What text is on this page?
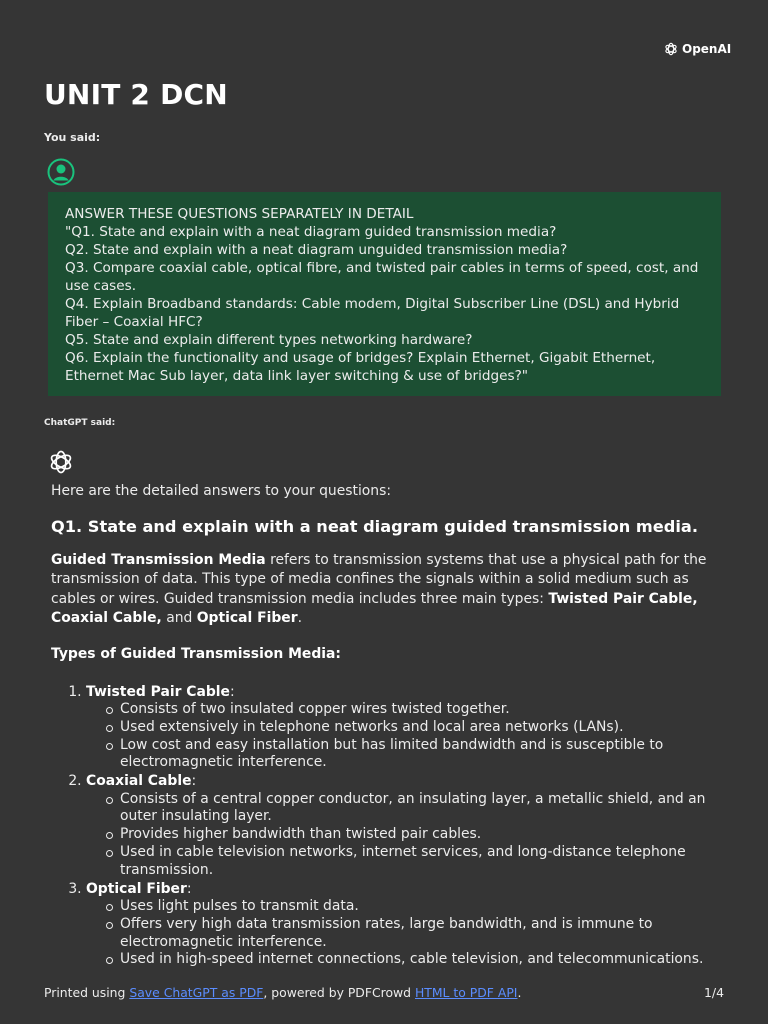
OpenAI
UNIT 2 DCN
You said:
ANSWER THESE QUESTIONS SEPARATELY IN DETAIL
"Q1. State and explain with a neat diagram guided transmission media?
Q2. State and explain with a neat diagram unguided transmission media?
Q3. Compare coaxial cable, optical fibre, and twisted pair cables in terms of speed, cost, and
use cases.
Q4. Explain Broadband standards: Cable modem, Digital Subscriber Line (DSL) and Hybrid
Fiber – Coaxial HFC?
Q5. State and explain different types networking hardware?
Q6. Explain the functionality and usage of bridges? Explain Ethernet, Gigabit Ethernet,
Ethernet Mac Sub layer, data link layer switching & use of bridges?"
ChatGPT said:

Here are the detailed answers to your questions:

Q1. State and explain with a neat diagram guided transmission media.

Guided Transmission Media refers to transmission systems that use a physical path for the transmission of data. This type of media confines the signals within a solid medium such as cables or wires. Guided transmission media includes three main types: Twisted Pair Cable, Coaxial Cable, and Optical Fiber.

Types of Guided Transmission Media:

1. Twisted Pair Cable:
Consists of two insulated copper wires twisted together.
Used extensively in telephone networks and local area networks (LANs).
Low cost and easy installation but has limited bandwidth and is susceptible to electromagnetic interference.
2. Coaxial Cable:
Consists of a central copper conductor, an insulating layer, a metallic shield, and an outer insulating layer.
Provides higher bandwidth than twisted pair cables.
Used in cable television networks, internet services, and long-distance telephone transmission.
3. Optical Fiber:
Uses light pulses to transmit data.
Offers very high data transmission rates, large bandwidth, and is immune to electromagnetic interference.
Used in high-speed internet connections, cable television, and telecommunications.
Printed using Save ChatGPT as PDF, powered by PDFCrowd HTML to PDF API.	1/4
